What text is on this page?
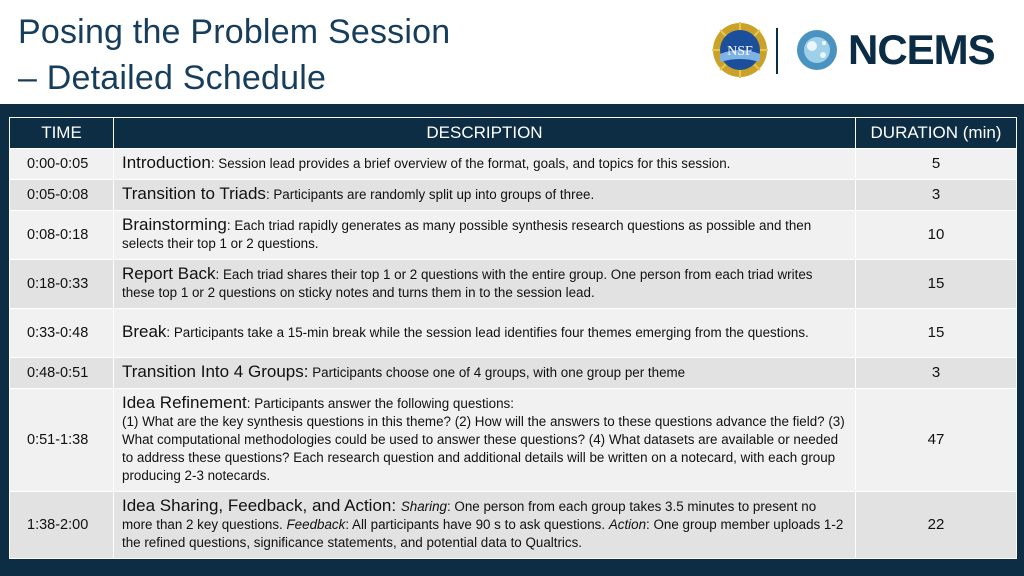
Posing the Problem Session
– Detailed Schedule
NSF NCEMS
TIME	DESCRIPTION	DURATION (min)
0:00-0:05	Introduction: Session lead provides a brief overview of the format, goals, and topics for this session.	5
0:05-0:08	Transition to Triads: Participants are randomly split up into groups of three.	3
0:08-0:18	Brainstorming: Each triad rapidly generates as many possible synthesis research questions as possible and then selects their top 1 or 2 questions.	10
0:18-0:33	Report Back: Each triad shares their top 1 or 2 questions with the entire group. One person from each triad writes these top 1 or 2 questions on sticky notes and turns them in to the session lead.	15
0:33-0:48	Break: Participants take a 15-min break while the session lead identifies four themes emerging from the questions.	15
0:48-0:51	Transition Into 4 Groups: Participants choose one of 4 groups, with one group per theme	3
0:51-1:38	Idea Refinement: Participants answer the following questions:
(1) What are the key synthesis questions in this theme? (2) How will the answers to these questions advance the field? (3) What computational methodologies could be used to answer these questions? (4) What datasets are available or needed to address these questions? Each research question and additional details will be written on a notecard, with each group producing 2-3 notecards.	47
1:38-2:00	Idea Sharing, Feedback, and Action: Sharing: One person from each group takes 3.5 minutes to present no more than 2 key questions. Feedback: All participants have 90 s to ask questions. Action: One group member uploads 1-2 the refined questions, significance statements, and potential data to Qualtrics.	22
